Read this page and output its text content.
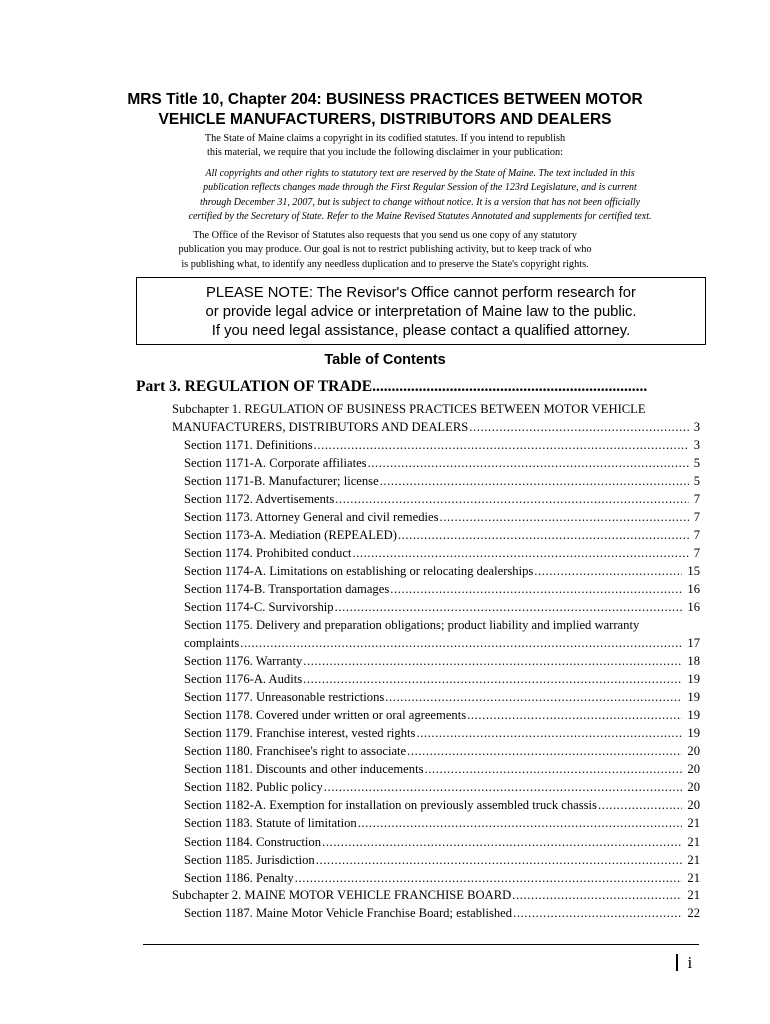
MRS Title 10, Chapter 204: BUSINESS PRACTICES BETWEEN MOTOR
VEHICLE MANUFACTURERS, DISTRIBUTORS AND DEALERS
The State of Maine claims a copyright in its codified statutes. If you intend to republish
this material, we require that you include the following disclaimer in your publication:
All copyrights and other rights to statutory text are reserved by the State of Maine. The text included in this
publication reflects changes made through the First Regular Session of the 123rd Legislature, and is current
through December 31, 2007, but is subject to change without notice. It is a version that has not been officially
certified by the Secretary of State. Refer to the Maine Revised Statutes Annotated and supplements for certified text.
The Office of the Revisor of Statutes also requests that you send us one copy of any statutory
publication you may produce. Our goal is not to restrict publishing activity, but to keep track of who
is publishing what, to identify any needless duplication and to preserve the State's copyright rights.
PLEASE NOTE: The Revisor's Office cannot perform research for
or provide legal advice or interpretation of Maine law to the public.
If you need legal assistance, please contact a qualified attorney.
Table of Contents
Part 3. REGULATION OF TRADE.......................................................................
Subchapter 1. REGULATION OF BUSINESS PRACTICES BETWEEN MOTOR VEHICLE
MANUFACTURERS, DISTRIBUTORS AND DEALERS .....	3
Section 1171. Definitions .....	3
Section 1171-A. Corporate affiliates .....	5
Section 1171-B. Manufacturer; license .....	5
Section 1172. Advertisements .....	7
Section 1173. Attorney General and civil remedies .....	7
Section 1173-A. Mediation (REPEALED) .....	7
Section 1174. Prohibited conduct .....	7
Section 1174-A. Limitations on establishing or relocating dealerships .....	15
Section 1174-B. Transportation damages .....	16
Section 1174-C. Survivorship .....	16
Section 1175. Delivery and preparation obligations; product liability and implied warranty
complaints .....	17
Section 1176. Warranty .....	18
Section 1176-A. Audits .....	19
Section 1177. Unreasonable restrictions .....	19
Section 1178. Covered under written or oral agreements .....	19
Section 1179. Franchise interest, vested rights .....	19
Section 1180. Franchisee's right to associate .....	20
Section 1181. Discounts and other inducements .....	20
Section 1182. Public policy .....	20
Section 1182-A. Exemption for installation on previously assembled truck chassis .....	20
Section 1183. Statute of limitation .....	21
Section 1184. Construction .....	21
Section 1185. Jurisdiction .....	21
Section 1186. Penalty .....	21
Subchapter 2. MAINE MOTOR VEHICLE FRANCHISE BOARD .....	21
Section 1187. Maine Motor Vehicle Franchise Board; established .....	22
i
